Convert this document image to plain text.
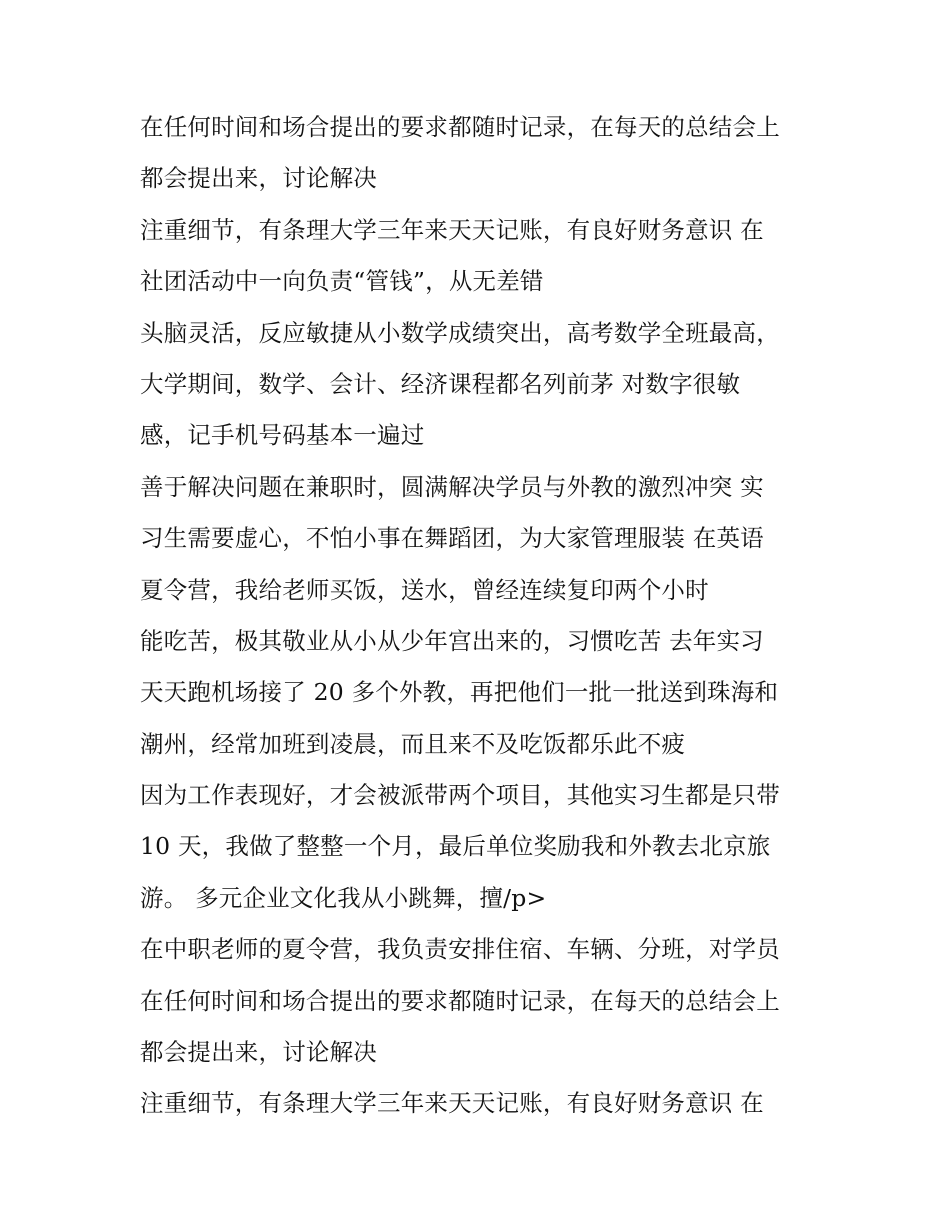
在任何时间和场合提出的要求都随时记录，在每天的总结会上
都会提出来，讨论解决
注重细节，有条理大学三年来天天记账，有良好财务意识 在
社团活动中一向负责“管钱”，从无差错
头脑灵活，反应敏捷从小数学成绩突出，高考数学全班最高，
大学期间，数学、会计、经济课程都名列前茅 对数字很敏
感，记手机号码基本一遍过
善于解决问题在兼职时，圆满解决学员与外教的激烈冲突 实
习生需要虚心，不怕小事在舞蹈团，为大家管理服装 在英语
夏令营，我给老师买饭，送水，曾经连续复印两个小时
能吃苦，极其敬业从小从少年宫出来的，习惯吃苦 去年实习
天天跑机场接了 20 多个外教，再把他们一批一批送到珠海和
潮州，经常加班到凌晨，而且来不及吃饭都乐此不疲
因为工作表现好，才会被派带两个项目，其他实习生都是只带
10 天，我做了整整一个月，最后单位奖励我和外教去北京旅
游。 多元企业文化我从小跳舞，擅/p>
在中职老师的夏令营，我负责安排住宿、车辆、分班，对学员
在任何时间和场合提出的要求都随时记录，在每天的总结会上
都会提出来，讨论解决
注重细节，有条理大学三年来天天记账，有良好财务意识 在
